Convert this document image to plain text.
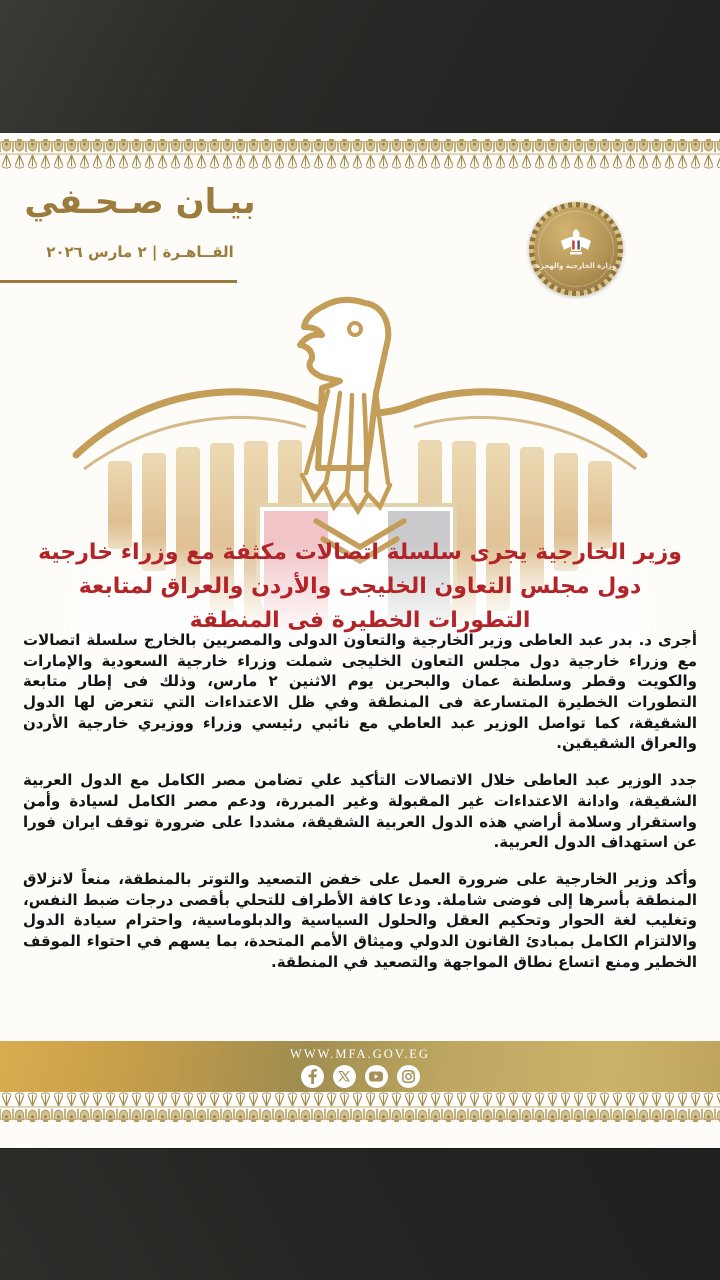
بيـان صـحـفي
القــاهـرة | ٢ مارس ٢٠٢٦
وزارة الخارجية والهجرة
وزير الخارجية يجرى سلسلة اتصالات مكثفة مع وزراء خارجية دول مجلس التعاون الخليجى والأردن والعراق لمتابعة التطورات الخطيرة فى المنطقة

أجرى د. بدر عبد العاطى وزير الخارجية والتعاون الدولى والمصريين بالخارج سلسلة اتصالات مع وزراء خارجية دول مجلس التعاون الخليجى شملت وزراء خارجية السعودية والإمارات والكويت وقطر وسلطنة عمان والبحرين يوم الاثنين ٢ مارس، وذلك فى إطار متابعة التطورات الخطيرة المتسارعة فى المنطقة وفي ظل الاعتداءات التي تتعرض لها الدول الشقيقة، كما تواصل الوزير عبد العاطي مع نائبي رئيسي وزراء ووزيري خارجية الأردن والعراق الشقيقين.

جدد الوزير عبد العاطى خلال الاتصالات التأكيد علي تضامن مصر الكامل مع الدول العربية الشقيقة، وادانة الاعتداءات غير المقبولة وغير المبررة، ودعم مصر الكامل لسيادة وأمن واستقرار وسلامة أراضي هذه الدول العربية الشقيقة، مشددا على ضرورة توقف ايران فورا عن استهداف الدول العربية.

وأكد وزير الخارجية على ضرورة العمل على خفض التصعيد والتوتر بالمنطقة، منعاً لانزلاق المنطقة بأسرها إلى فوضى شاملة. ودعا كافة الأطراف للتحلي بأقصى درجات ضبط النفس، وتغليب لغة الحوار وتحكيم العقل والحلول السياسية والدبلوماسية، واحترام سيادة الدول والالتزام الكامل بمبادئ القانون الدولي وميثاق الأمم المتحدة، بما يسهم في احتواء الموقف الخطير ومنع اتساع نطاق المواجهة والتصعيد في المنطقة.

WWW.MFA.GOV.EG
